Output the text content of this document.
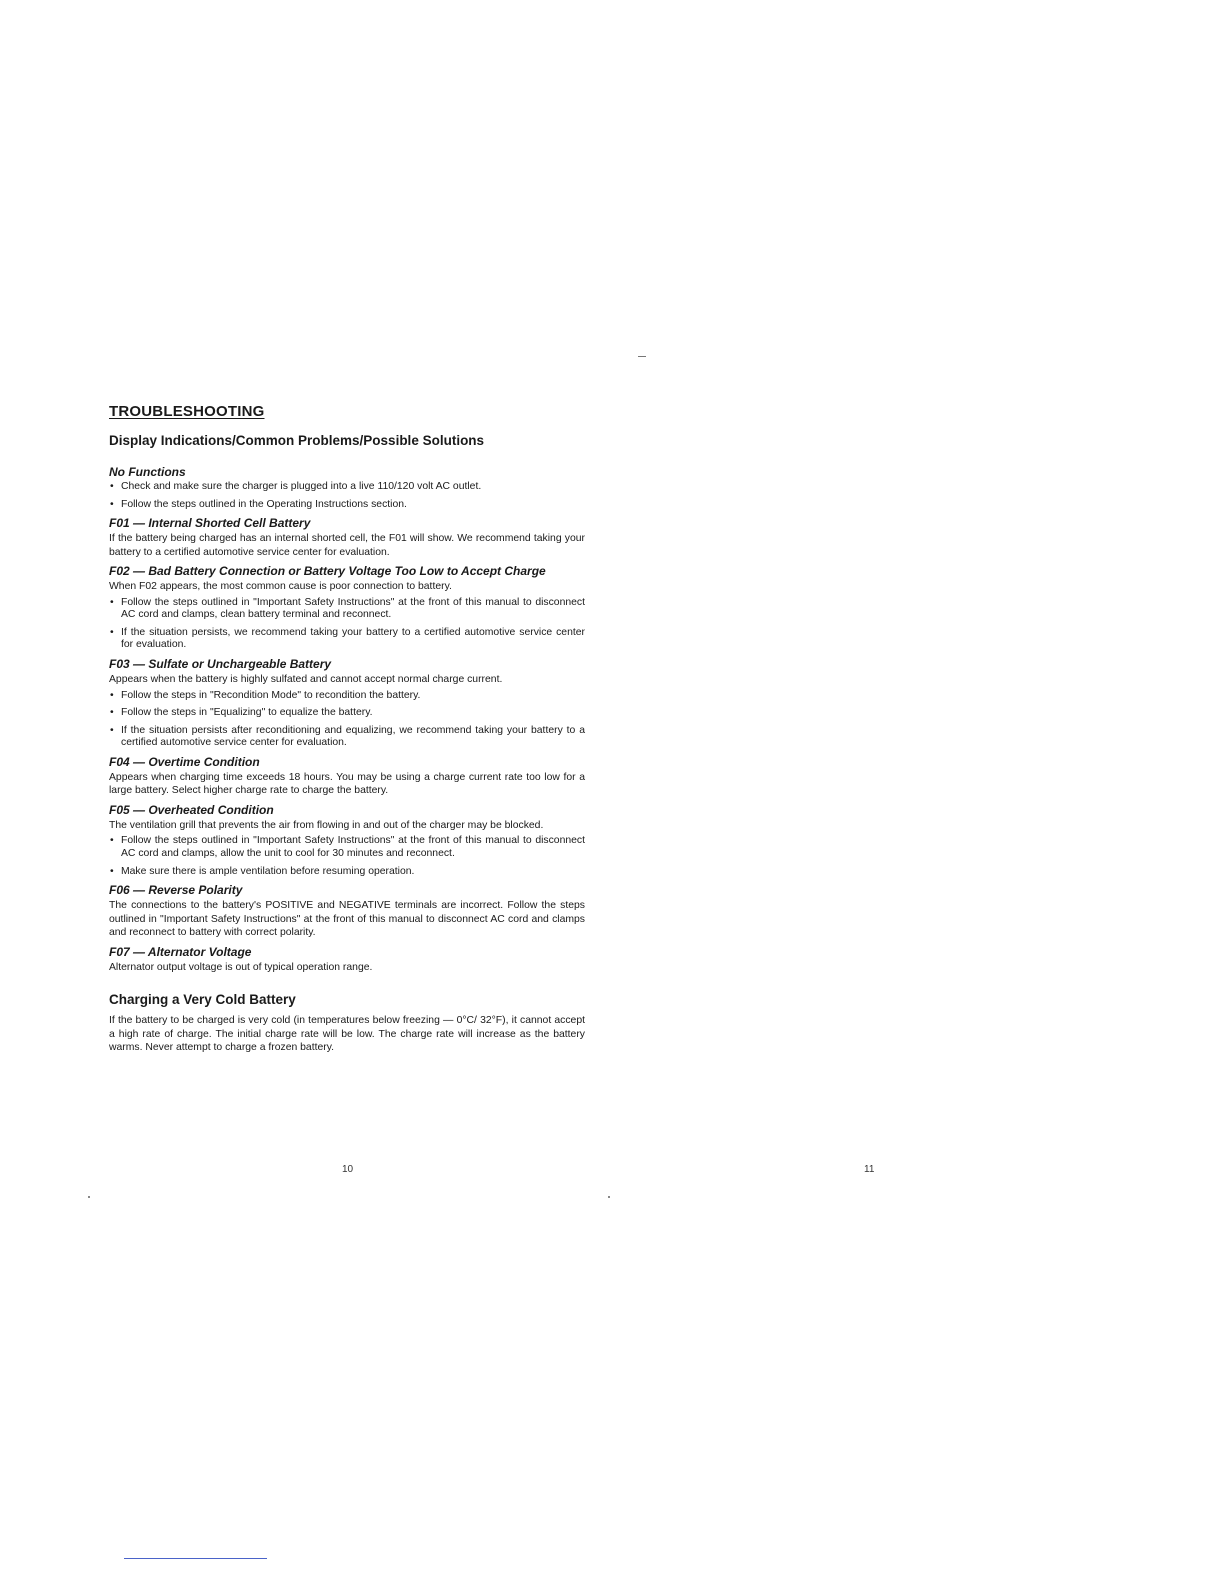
TROUBLESHOOTING
Display Indications/Common Problems/Possible Solutions
No Functions
• Check and make sure the charger is plugged into a live 110/120 volt AC outlet.
• Follow the steps outlined in the Operating Instructions section.
F01 — Internal Shorted Cell Battery

If the battery being charged has an internal shorted cell, the F01 will show. We recommend taking your battery to a certified automotive service center for evaluation.

F02 — Bad Battery Connection or Battery Voltage Too Low to Accept Charge

When F02 appears, the most common cause is poor connection to battery.

• Follow the steps outlined in "Important Safety Instructions" at the front of this manual to disconnect AC cord and clamps, clean battery terminal and reconnect.
• If the situation persists, we recommend taking your battery to a certified automotive service center for evaluation.
F03 — Sulfate or Unchargeable Battery

Appears when the battery is highly sulfated and cannot accept normal charge current.

• Follow the steps in "Recondition Mode" to recondition the battery.
• Follow the steps in "Equalizing" to equalize the battery.
• If the situation persists after reconditioning and equalizing, we recommend taking your battery to a certified automotive service center for evaluation.
F04 — Overtime Condition

Appears when charging time exceeds 18 hours. You may be using a charge current rate too low for a large battery. Select higher charge rate to charge the battery.

F05 — Overheated Condition

The ventilation grill that prevents the air from flowing in and out of the charger may be blocked.

• Follow the steps outlined in "Important Safety Instructions" at the front of this manual to disconnect AC cord and clamps, allow the unit to cool for 30 minutes and reconnect.
• Make sure there is ample ventilation before resuming operation.
F06 — Reverse Polarity

The connections to the battery's POSITIVE and NEGATIVE terminals are incorrect. Follow the steps outlined in "Important Safety Instructions" at the front of this manual to disconnect AC cord and clamps and reconnect to battery with correct polarity.

F07 — Alternator Voltage

Alternator output voltage is out of typical operation range.

Charging a Very Cold Battery

If the battery to be charged is very cold (in temperatures below freezing — 0°C/ 32°F), it cannot accept a high rate of charge. The initial charge rate will be low. The charge rate will increase as the battery warms. Never attempt to charge a frozen battery.

10	11
